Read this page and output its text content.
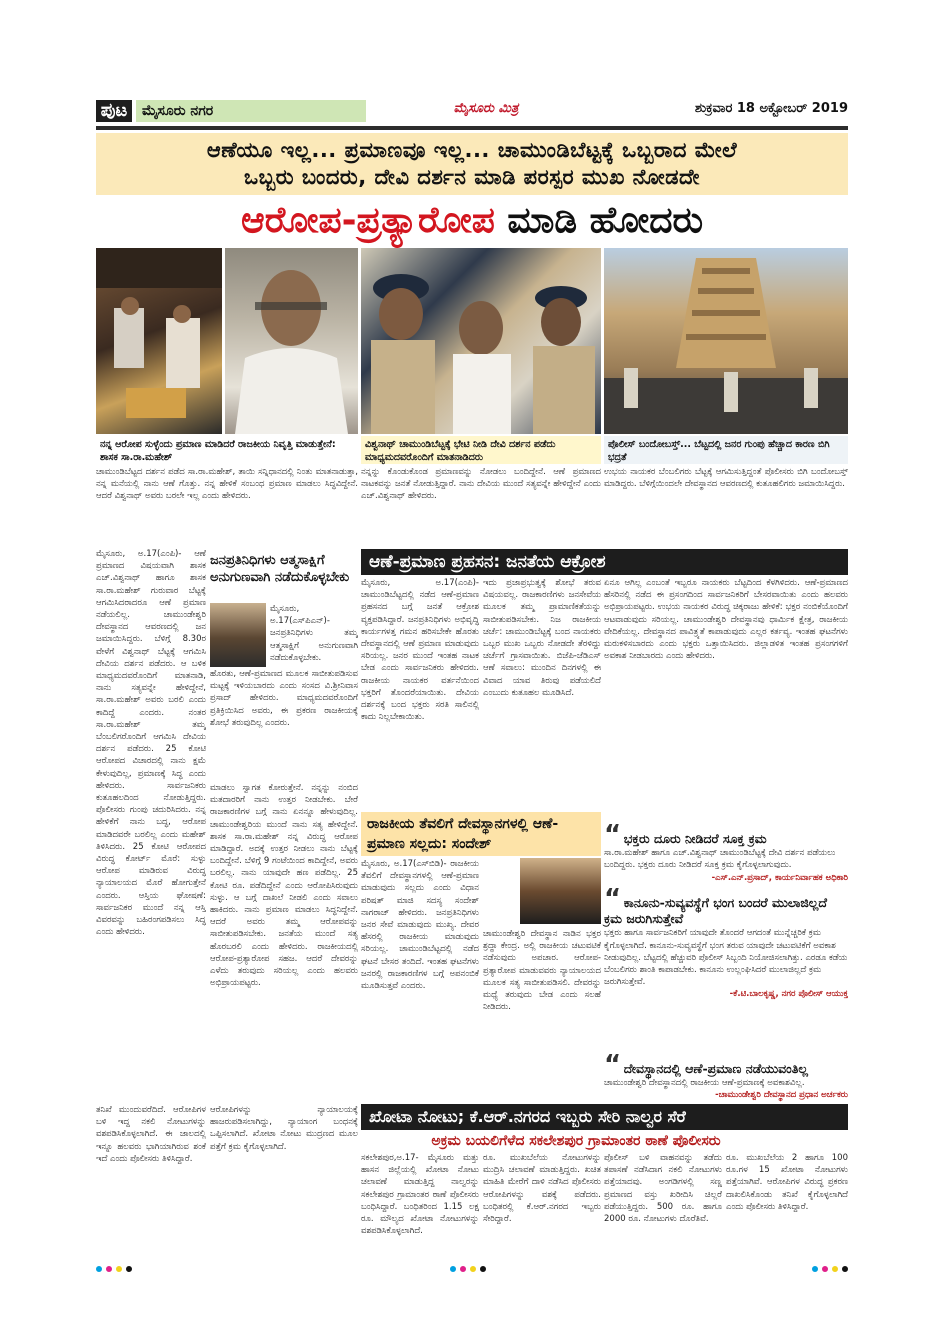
ಪುಟ	ಮೈಸೂರು ನಗರ	ಮೈಸೂರು ಮಿತ್ರ	ಶುಕ್ರವಾರ 18 ಅಕ್ಟೋಬರ್ 2019
ಆಣೆಯೂ ಇಲ್ಲ... ಪ್ರಮಾಣವೂ ಇಲ್ಲ... ಚಾಮುಂಡಿಬೆಟ್ಟಕ್ಕೆ ಒಬ್ಬರಾದ ಮೇಲೆ
ಒಬ್ಬರು ಬಂದರು, ದೇವಿ ದರ್ಶನ ಮಾಡಿ ಪರಸ್ಪರ ಮುಖ ನೋಡದೇ
ಆರೋಪ-ಪ್ರತ್ಯಾರೋಪ ಮಾಡಿ ಹೋದರು
ನನ್ನ ಆರೋಪ ಸುಳ್ಳೆಂದು ಪ್ರಮಾಣ ಮಾಡಿದರೆ ರಾಜಕೀಯ ನಿವೃತ್ತಿ ಮಾಡುತ್ತೇನೆ: ಶಾಸಕ ಸಾ.ರಾ.ಮಹೇಶ್
ವಿಶ್ವನಾಥ್ ಚಾಮುಂಡಿಬೆಟ್ಟಕ್ಕೆ ಭೇಟಿ ನೀಡಿ ದೇವಿ ದರ್ಶನ ಪಡೆದು ಮಾಧ್ಯಮದವರೊಂದಿಗೆ ಮಾತನಾಡಿದರು
ಪೊಲೀಸ್ ಬಂದೋಬಸ್ತ್... ಬೆಟ್ಟದಲ್ಲಿ ಜನರ ಗುಂಪು ಹೆಚ್ಚಾದ ಕಾರಣ ಬಿಗಿ ಭದ್ರತೆ
ಚಾಮುಂಡಿಬೆಟ್ಟದ ದರ್ಶನ ಪಡೆದ ಸಾ.ರಾ.ಮಹೇಶ್, ತಾಯಿ ಸನ್ನಿಧಾನದಲ್ಲಿ ನಿಂತು ಮಾತನಾಡುತ್ತಾ, ನನ್ನ ಮನೆಯಲ್ಲಿ ನಾನು ಆಣೆ ಗೊತ್ತು. ನನ್ನ ಹೇಳಿಕೆ ಸಂಬಂಧ ಪ್ರಮಾಣ ಮಾಡಲು ಸಿದ್ಧವಿದ್ದೇನೆ. ಆದರೆ ವಿಶ್ವನಾಥ್ ಅವರು ಬರಲೇ ಇಲ್ಲ ಎಂದು ಹೇಳಿದರು.
ನನ್ನನ್ನು ಕೊಂಡುಕೊಂಡ ಪ್ರಮಾಣವನ್ನು ನೋಡಲು ಬಂದಿದ್ದೇನೆ. ಆಣೆ ಪ್ರಮಾಣದ ನಾಟಕವನ್ನು ಜನತೆ ನೋಡುತ್ತಿದ್ದಾರೆ. ನಾನು ದೇವಿಯ ಮುಂದೆ ಸತ್ಯವನ್ನೇ ಹೇಳಿದ್ದೇನೆ ಎಂದು ಎಚ್.ವಿಶ್ವನಾಥ್ ಹೇಳಿದರು.
ಉಭಯ ನಾಯಕರ ಬೆಂಬಲಿಗರು ಬೆಟ್ಟಕ್ಕೆ ಆಗಮಿಸುತ್ತಿದ್ದಂತೆ ಪೊಲೀಸರು ಬಿಗಿ ಬಂದೋಬಸ್ತ್ ಮಾಡಿದ್ದರು. ಬೆಳಿಗ್ಗೆಯಿಂದಲೇ ದೇವಸ್ಥಾನದ ಆವರಣದಲ್ಲಿ ಕುತೂಹಲಿಗರು ಜಮಾಯಿಸಿದ್ದರು.
ಮೈಸೂರು, ಅ.17(ಎಂಪಿ)- ಆಣೆ ಪ್ರಮಾಣದ ವಿಷಯವಾಗಿ ಶಾಸಕ ಎಚ್.ವಿಶ್ವನಾಥ್ ಹಾಗೂ ಶಾಸಕ ಸಾ.ರಾ.ಮಹೇಶ್ ಗುರುವಾರ ಬೆಟ್ಟಕ್ಕೆ ಆಗಮಿಸಿದರಾದರೂ ಆಣೆ ಪ್ರಮಾಣ ನಡೆಯಲಿಲ್ಲ. ಚಾಮುಂಡೇಶ್ವರಿ ದೇವಸ್ಥಾನದ ಆವರಣದಲ್ಲಿ ಜನ ಜಮಾಯಿಸಿದ್ದರು. ಬೆಳಿಗ್ಗೆ 8.30ರ ವೇಳೆಗೆ ವಿಶ್ವನಾಥ್ ಬೆಟ್ಟಕ್ಕೆ ಆಗಮಿಸಿ ದೇವಿಯ ದರ್ಶನ ಪಡೆದರು. ಆ ಬಳಿಕ ಮಾಧ್ಯಮದವರೊಂದಿಗೆ ಮಾತನಾಡಿ, ನಾನು ಸತ್ಯವನ್ನೇ ಹೇಳಿದ್ದೇನೆ, ಸಾ.ರಾ.ಮಹೇಶ್ ಅವರು ಬರಲಿ ಎಂದು ಕಾದಿದ್ದೆ ಎಂದರು. ನಂತರ ಸಾ.ರಾ.ಮಹೇಶ್ ತಮ್ಮ ಬೆಂಬಲಿಗರೊಂದಿಗೆ ಆಗಮಿಸಿ ದೇವಿಯ ದರ್ಶನ ಪಡೆದರು. 25 ಕೋಟಿ ಆರೋಪದ ವಿಚಾರದಲ್ಲಿ ನಾನು ಕ್ಷಮೆ ಕೇಳುವುದಿಲ್ಲ, ಪ್ರಮಾಣಕ್ಕೆ ಸಿದ್ಧ ಎಂದು ಹೇಳಿದರು. ಸಾರ್ವಜನಿಕರು ಕುತೂಹಲದಿಂದ ನೋಡುತ್ತಿದ್ದರು. ಪೊಲೀಸರು ಗುಂಪು ಚದುರಿಸಿದರು. ನನ್ನ ಹೇಳಿಕೆಗೆ ನಾನು ಬದ್ಧ, ಆರೋಪ ಮಾಡಿದವರೇ ಬರಲಿಲ್ಲ ಎಂದು ಮಹೇಶ್ ತಿಳಿಸಿದರು. 25 ಕೋಟಿ ಆರೋಪದ ವಿರುದ್ಧ ಕೋರ್ಟ್ ಮೊರೆ: ಸುಳ್ಳು ಆರೋಪ ಮಾಡಿರುವ ವಿರುದ್ಧ ನ್ಯಾಯಾಲಯದ ಮೊರೆ ಹೋಗುತ್ತೇನೆ ಎಂದರು. ಆಸ್ತಿಯ ಘೋಷಣೆ: ಸಾರ್ವಜನಿಕರ ಮುಂದೆ ನನ್ನ ಆಸ್ತಿ ವಿವರವನ್ನು ಬಹಿರಂಗಪಡಿಸಲು ಸಿದ್ಧ ಎಂದು ಹೇಳಿದರು.
ಜನಪ್ರತಿನಿಧಿಗಳು ಆತ್ಮಸಾಕ್ಷಿಗೆ ಅನುಗುಣವಾಗಿ ನಡೆದುಕೊಳ್ಳಬೇಕು
ಮೈಸೂರು, ಅ.17(ಎಸ್‌ಪಿಎನ್)- ಜನಪ್ರತಿನಿಧಿಗಳು ತಮ್ಮ ಆತ್ಮಸಾಕ್ಷಿಗೆ ಅನುಗುಣವಾಗಿ ನಡೆದುಕೊಳ್ಳಬೇಕು.
ಹೊರತು, ಆಣೆ-ಪ್ರಮಾಣದ ಮೂಲಕ ಸಾಬೀತುಪಡಿಸುವ ಮಟ್ಟಕ್ಕೆ ಇಳಿಯಬಾರದು ಎಂದು ಸಂಸದ ವಿ.ಶ್ರೀನಿವಾಸ ಪ್ರಸಾದ್ ಹೇಳಿದರು. ಮಾಧ್ಯಮದವರೊಂದಿಗೆ ಪ್ರತಿಕ್ರಿಯಿಸಿದ ಅವರು, ಈ ಪ್ರಕರಣ ರಾಜಕೀಯಕ್ಕೆ ಶೋಭೆ ತರುವುದಿಲ್ಲ ಎಂದರು.
ಮಾಡಲು ಸ್ವಾಗತ ಕೋರುತ್ತೇನೆ. ನನ್ನನ್ನು ನಂಬಿದ ಮತದಾರರಿಗೆ ನಾನು ಉತ್ತರ ನೀಡಬೇಕು. ಬೇರೆ ರಾಜಕಾರಣಿಗಳ ಬಗ್ಗೆ ನಾನು ಏನನ್ನೂ ಹೇಳುವುದಿಲ್ಲ. ಚಾಮುಂಡೇಶ್ವರಿಯ ಮುಂದೆ ನಾನು ಸತ್ಯ ಹೇಳಿದ್ದೇನೆ. ಶಾಸಕ ಸಾ.ರಾ.ಮಹೇಶ್ ನನ್ನ ವಿರುದ್ಧ ಆರೋಪ ಮಾಡಿದ್ದಾರೆ. ಅದಕ್ಕೆ ಉತ್ತರ ನೀಡಲು ನಾನು ಬೆಟ್ಟಕ್ಕೆ ಬಂದಿದ್ದೇನೆ. ಬೆಳಿಗ್ಗೆ 9 ಗಂಟೆಯಿಂದ ಕಾದಿದ್ದೇನೆ, ಅವರು ಬರಲಿಲ್ಲ. ನಾನು ಯಾವುದೇ ಹಣ ಪಡೆದಿಲ್ಲ. 25 ಕೋಟಿ ರೂ. ಪಡೆದಿದ್ದೇನೆ ಎಂದು ಆರೋಪಿಸಿರುವುದು ಸುಳ್ಳು. ಆ ಬಗ್ಗೆ ದಾಖಲೆ ನೀಡಲಿ ಎಂದು ಸವಾಲು ಹಾಕಿದರು. ನಾನು ಪ್ರಮಾಣ ಮಾಡಲು ಸಿದ್ಧನಿದ್ದೇನೆ. ಆದರೆ ಅವರು ತಮ್ಮ ಆರೋಪವನ್ನು ಸಾಬೀತುಪಡಿಸಬೇಕು. ಜನತೆಯ ಮುಂದೆ ಸತ್ಯ ಹೊರಬರಲಿ ಎಂದು ಹೇಳಿದರು. ರಾಜಕೀಯದಲ್ಲಿ ಆರೋಪ-ಪ್ರತ್ಯಾರೋಪ ಸಹಜ. ಆದರೆ ದೇವರನ್ನು ಎಳೆದು ತರುವುದು ಸರಿಯಲ್ಲ ಎಂದು ಹಲವರು ಅಭಿಪ್ರಾಯಪಟ್ಟರು.
ಆಣೆ-ಪ್ರಮಾಣ ಪ್ರಹಸನ: ಜನತೆಯ ಆಕ್ರೋಶ
ಮೈಸೂರು, ಅ.17(ಎಂಪಿ)- ಚಾಮುಂಡಿಬೆಟ್ಟದಲ್ಲಿ ನಡೆದ ಆಣೆ-ಪ್ರಮಾಣ ಪ್ರಹಸನದ ಬಗ್ಗೆ ಜನತೆ ಆಕ್ರೋಶ ವ್ಯಕ್ತಪಡಿಸಿದ್ದಾರೆ. ಜನಪ್ರತಿನಿಧಿಗಳು ಅಭಿವೃದ್ಧಿ ಕಾರ್ಯಗಳತ್ತ ಗಮನ ಹರಿಸಬೇಕೇ ಹೊರತು ದೇವಸ್ಥಾನದಲ್ಲಿ ಆಣೆ ಪ್ರಮಾಣ ಮಾಡುವುದು ಸರಿಯಲ್ಲ. ಜನರ ಮುಂದೆ ಇಂತಹ ನಾಟಕ ಬೇಡ ಎಂದು ಸಾರ್ವಜನಿಕರು ಹೇಳಿದರು. ರಾಜಕೀಯ ನಾಯಕರ ವರ್ತನೆಯಿಂದ ಭಕ್ತರಿಗೆ ತೊಂದರೆಯಾಯಿತು. ದೇವಿಯ ದರ್ಶನಕ್ಕೆ ಬಂದ ಭಕ್ತರು ಸರತಿ ಸಾಲಿನಲ್ಲಿ ಕಾದು ನಿಲ್ಲಬೇಕಾಯಿತು.
ಇದು ಪ್ರಜಾಪ್ರಭುತ್ವಕ್ಕೆ ಶೋಭೆ ತರುವ ವಿಷಯವಲ್ಲ. ರಾಜಕಾರಣಿಗಳು ಜನಸೇವೆಯ ಮೂಲಕ ತಮ್ಮ ಪ್ರಾಮಾಣಿಕತೆಯನ್ನು ಸಾಬೀತುಪಡಿಸಬೇಕು. ನಿಜ ರಾಜಕೀಯ ಚರ್ಚೆ: ಚಾಮುಂಡಿಬೆಟ್ಟಕ್ಕೆ ಬಂದ ನಾಯಕರು ಒಬ್ಬರ ಮುಖ ಒಬ್ಬರು ನೋಡದೇ ತೆರಳಿದ್ದು ಚರ್ಚೆಗೆ ಗ್ರಾಸವಾಯಿತು. ಬಿಜೆಪಿ-ಜೆಡಿಎಸ್ ಆಣೆ ಸವಾಲು: ಮುಂದಿನ ದಿನಗಳಲ್ಲಿ ಈ ವಿವಾದ ಯಾವ ತಿರುವು ಪಡೆಯಲಿದೆ ಎಂಬುದು ಕುತೂಹಲ ಮೂಡಿಸಿದೆ.
ಏನೂ ಆಗಿಲ್ಲ ಎಂಬಂತೆ ಇಬ್ಬರೂ ನಾಯಕರು ಬೆಟ್ಟದಿಂದ ಕೆಳಗಿಳಿದರು. ಆಣೆ-ಪ್ರಮಾಣದ ಹೆಸರಿನಲ್ಲಿ ನಡೆದ ಈ ಪ್ರಸಂಗದಿಂದ ಸಾರ್ವಜನಿಕರಿಗೆ ಬೇಸರವಾಯಿತು ಎಂದು ಹಲವರು ಅಭಿಪ್ರಾಯಪಟ್ಟರು. ಉಭಯ ನಾಯಕರ ವಿರುದ್ಧ ಚಿಕ್ಕರಾಜು ಹೇಳಿಕೆ: ಭಕ್ತರ ನಂಬಿಕೆಯೊಂದಿಗೆ ಆಟವಾಡುವುದು ಸರಿಯಲ್ಲ. ಚಾಮುಂಡೇಶ್ವರಿ ದೇವಸ್ಥಾನವು ಧಾರ್ಮಿಕ ಕ್ಷೇತ್ರ, ರಾಜಕೀಯ ವೇದಿಕೆಯಲ್ಲ. ದೇವಸ್ಥಾನದ ಪಾವಿತ್ರ್ಯತೆ ಕಾಪಾಡುವುದು ಎಲ್ಲರ ಕರ್ತವ್ಯ. ಇಂತಹ ಘಟನೆಗಳು ಮರುಕಳಿಸಬಾರದು ಎಂದು ಭಕ್ತರು ಒತ್ತಾಯಿಸಿದರು. ಜಿಲ್ಲಾಡಳಿತ ಇಂತಹ ಪ್ರಸಂಗಗಳಿಗೆ ಅವಕಾಶ ನೀಡಬಾರದು ಎಂದು ಹೇಳಿದರು.
ರಾಜಕೀಯ ತೆವಲಿಗೆ ದೇವಸ್ಥಾನಗಳಲ್ಲಿ ಆಣೆ-ಪ್ರಮಾಣ ಸಲ್ಲದು: ಸಂದೇಶ್
ಮೈಸೂರು, ಅ.17(ಎಸ್‌ಬಿಡಿ)- ರಾಜಕೀಯ ತೆವಲಿಗೆ ದೇವಸ್ಥಾನಗಳಲ್ಲಿ ಆಣೆ-ಪ್ರಮಾಣ ಮಾಡುವುದು ಸಲ್ಲದು ಎಂದು ವಿಧಾನ ಪರಿಷತ್ ಮಾಜಿ ಸದಸ್ಯ ಸಂದೇಶ್ ನಾಗರಾಜ್ ಹೇಳಿದರು. ಜನಪ್ರತಿನಿಧಿಗಳು ಜನರ ಸೇವೆ ಮಾಡುವುದು ಮುಖ್ಯ. ದೇವರ ಹೆಸರಲ್ಲಿ ರಾಜಕೀಯ ಮಾಡುವುದು ಸರಿಯಲ್ಲ. ಚಾಮುಂಡಿಬೆಟ್ಟದಲ್ಲಿ ನಡೆದ ಘಟನೆ ಬೇಸರ ತಂದಿದೆ. ಇಂತಹ ಘಟನೆಗಳು ಜನರಲ್ಲಿ ರಾಜಕಾರಣಿಗಳ ಬಗ್ಗೆ ಅಪನಂಬಿಕೆ ಮೂಡಿಸುತ್ತವೆ ಎಂದರು.
ಚಾಮುಂಡೇಶ್ವರಿ ದೇವಸ್ಥಾನ ನಾಡಿನ ಭಕ್ತರ ಶ್ರದ್ಧಾ ಕೇಂದ್ರ. ಅಲ್ಲಿ ರಾಜಕೀಯ ಚಟುವಟಿಕೆ ನಡೆಸುವುದು ಅಪಚಾರ. ಆರೋಪ-ಪ್ರತ್ಯಾರೋಪ ಮಾಡುವವರು ನ್ಯಾಯಾಲಯದ ಮೂಲಕ ಸತ್ಯ ಸಾಬೀತುಪಡಿಸಲಿ. ದೇವರನ್ನು ಮಧ್ಯೆ ತರುವುದು ಬೇಡ ಎಂದು ಸಲಹೆ ನೀಡಿದರು.
“ ಭಕ್ತರು ದೂರು ನೀಡಿದರೆ ಸೂಕ್ತ ಕ್ರಮ
ಸಾ.ರಾ.ಮಹೇಶ್ ಹಾಗೂ ಎಚ್.ವಿಶ್ವನಾಥ್ ಚಾಮುಂಡಿಬೆಟ್ಟಕ್ಕೆ ದೇವಿ ದರ್ಶನ ಪಡೆಯಲು ಬಂದಿದ್ದರು. ಭಕ್ತರು ದೂರು ನೀಡಿದರೆ ಸೂಕ್ತ ಕ್ರಮ ಕೈಗೊಳ್ಳಲಾಗುವುದು.
-ಎಸ್.ಎನ್.ಪ್ರಸಾದ್, ಕಾರ್ಯನಿರ್ವಾಹಕ ಅಧಿಕಾರಿ
“ ಕಾನೂನು-ಸುವ್ಯವಸ್ಥೆಗೆ ಭಂಗ ಬಂದರೆ ಮುಲಾಜಿಲ್ಲದೆ ಕ್ರಮ ಜರುಗಿಸುತ್ತೇವೆ
ಭಕ್ತರು ಹಾಗೂ ಸಾರ್ವಜನಿಕರಿಗೆ ಯಾವುದೇ ತೊಂದರೆ ಆಗದಂತೆ ಮುನ್ನೆಚ್ಚರಿಕೆ ಕ್ರಮ ಕೈಗೊಳ್ಳಲಾಗಿದೆ. ಕಾನೂನು-ಸುವ್ಯವಸ್ಥೆಗೆ ಭಂಗ ತರುವ ಯಾವುದೇ ಚಟುವಟಿಕೆಗೆ ಅವಕಾಶ ನೀಡುವುದಿಲ್ಲ. ಬೆಟ್ಟದಲ್ಲಿ ಹೆಚ್ಚುವರಿ ಪೊಲೀಸ್ ಸಿಬ್ಬಂದಿ ನಿಯೋಜಿಸಲಾಗಿತ್ತು. ಎರಡೂ ಕಡೆಯ ಬೆಂಬಲಿಗರು ಶಾಂತಿ ಕಾಪಾಡಬೇಕು. ಕಾನೂನು ಉಲ್ಲಂಘಿಸಿದರೆ ಮುಲಾಜಿಲ್ಲದೆ ಕ್ರಮ ಜರುಗಿಸುತ್ತೇವೆ.
-ಕೆ.ಟಿ.ಬಾಲಕೃಷ್ಣ, ನಗರ ಪೊಲೀಸ್ ಆಯುಕ್ತ
“ ದೇವಸ್ಥಾನದಲ್ಲಿ ಆಣೆ-ಪ್ರಮಾಣ ನಡೆಯುವಂತಿಲ್ಲ
ಚಾಮುಂಡೇಶ್ವರಿ ದೇವಸ್ಥಾನದಲ್ಲಿ ರಾಜಕೀಯ ಆಣೆ-ಪ್ರಮಾಣಕ್ಕೆ ಅವಕಾಶವಿಲ್ಲ.
-ಚಾಮುಂಡೇಶ್ವರಿ ದೇವಸ್ಥಾನದ ಪ್ರಧಾನ ಅರ್ಚಕರು
ತನಿಖೆ ಮುಂದುವರೆದಿದೆ. ಆರೋಪಿಗಳ ಬಳಿ ಇದ್ದ ನಕಲಿ ನೋಟುಗಳನ್ನು ವಶಪಡಿಸಿಕೊಳ್ಳಲಾಗಿದೆ. ಈ ಜಾಲದಲ್ಲಿ ಇನ್ನೂ ಹಲವರು ಭಾಗಿಯಾಗಿರುವ ಶಂಕೆ ಇದೆ ಎಂದು ಪೊಲೀಸರು ತಿಳಿಸಿದ್ದಾರೆ.
ಆರೋಪಿಗಳನ್ನು ನ್ಯಾಯಾಲಯಕ್ಕೆ ಹಾಜರುಪಡಿಸಲಾಗಿದ್ದು, ನ್ಯಾಯಾಂಗ ಬಂಧನಕ್ಕೆ ಒಪ್ಪಿಸಲಾಗಿದೆ. ಖೋಟಾ ನೋಟು ಮುದ್ರಣದ ಮೂಲ ಪತ್ತೆಗೆ ಕ್ರಮ ಕೈಗೊಳ್ಳಲಾಗಿದೆ.
ಖೋಟಾ ನೋಟು; ಕೆ.ಆರ್.ನಗರದ ಇಬ್ಬರು ಸೇರಿ ನಾಲ್ವರ ಸೆರೆ
ಅಕ್ರಮ ಬಯಲಿಗೆಳೆದ ಸಕಲೇಶಪುರ ಗ್ರಾಮಾಂತರ ಠಾಣೆ ಪೊಲೀಸರು
ಸಕಲೇಶಪುರ,ಅ.17- ಮೈಸೂರು ಮತ್ತು ಹಾಸನ ಜಿಲ್ಲೆಯಲ್ಲಿ ಖೋಟಾ ನೋಟು ಚಲಾವಣೆ ಮಾಡುತ್ತಿದ್ದ ನಾಲ್ವರನ್ನು ಸಕಲೇಶಪುರ ಗ್ರಾಮಾಂತರ ಠಾಣೆ ಪೊಲೀಸರು ಬಂಧಿಸಿದ್ದಾರೆ. ಬಂಧಿತರಿಂದ 1.15 ಲಕ್ಷ ರೂ. ಮೌಲ್ಯದ ಖೋಟಾ ನೋಟುಗಳನ್ನು ವಶಪಡಿಸಿಕೊಳ್ಳಲಾಗಿದೆ.
ರೂ. ಮುಖಬೆಲೆಯ ನೋಟುಗಳನ್ನು ಮುದ್ರಿಸಿ ಚಲಾವಣೆ ಮಾಡುತ್ತಿದ್ದರು. ಖಚಿತ ಮಾಹಿತಿ ಮೇರೆಗೆ ದಾಳಿ ನಡೆಸಿದ ಪೊಲೀಸರು ಆರೋಪಿಗಳನ್ನು ವಶಕ್ಕೆ ಪಡೆದರು. ಬಂಧಿತರಲ್ಲಿ ಕೆ.ಆರ್.ನಗರದ ಇಬ್ಬರು ಸೇರಿದ್ದಾರೆ.
ಪೊಲೀಸ್ ಬಳಿ ವಾಹನವನ್ನು ತಡೆದು ತಪಾಸಣೆ ನಡೆಸಿದಾಗ ನಕಲಿ ನೋಟುಗಳು ಪತ್ತೆಯಾದವು. ಅಂಗಡಿಗಳಲ್ಲಿ ಸಣ್ಣ ಪ್ರಮಾಣದ ವಸ್ತು ಖರೀದಿಸಿ ಚಿಲ್ಲರೆ ಪಡೆಯುತ್ತಿದ್ದರು. 500 ರೂ. ಹಾಗೂ 2000 ರೂ. ನೋಟುಗಳು ದೊರೆತಿವೆ.
ರೂ. ಮುಖಬೆಲೆಯ 2 ಹಾಗೂ 100 ರೂ.ಗಳ 15 ಖೋಟಾ ನೋಟುಗಳು ಪತ್ತೆಯಾಗಿವೆ. ಆರೋಪಿಗಳ ವಿರುದ್ಧ ಪ್ರಕರಣ ದಾಖಲಿಸಿಕೊಂಡು ತನಿಖೆ ಕೈಗೊಳ್ಳಲಾಗಿದೆ ಎಂದು ಪೊಲೀಸರು ತಿಳಿಸಿದ್ದಾರೆ.
